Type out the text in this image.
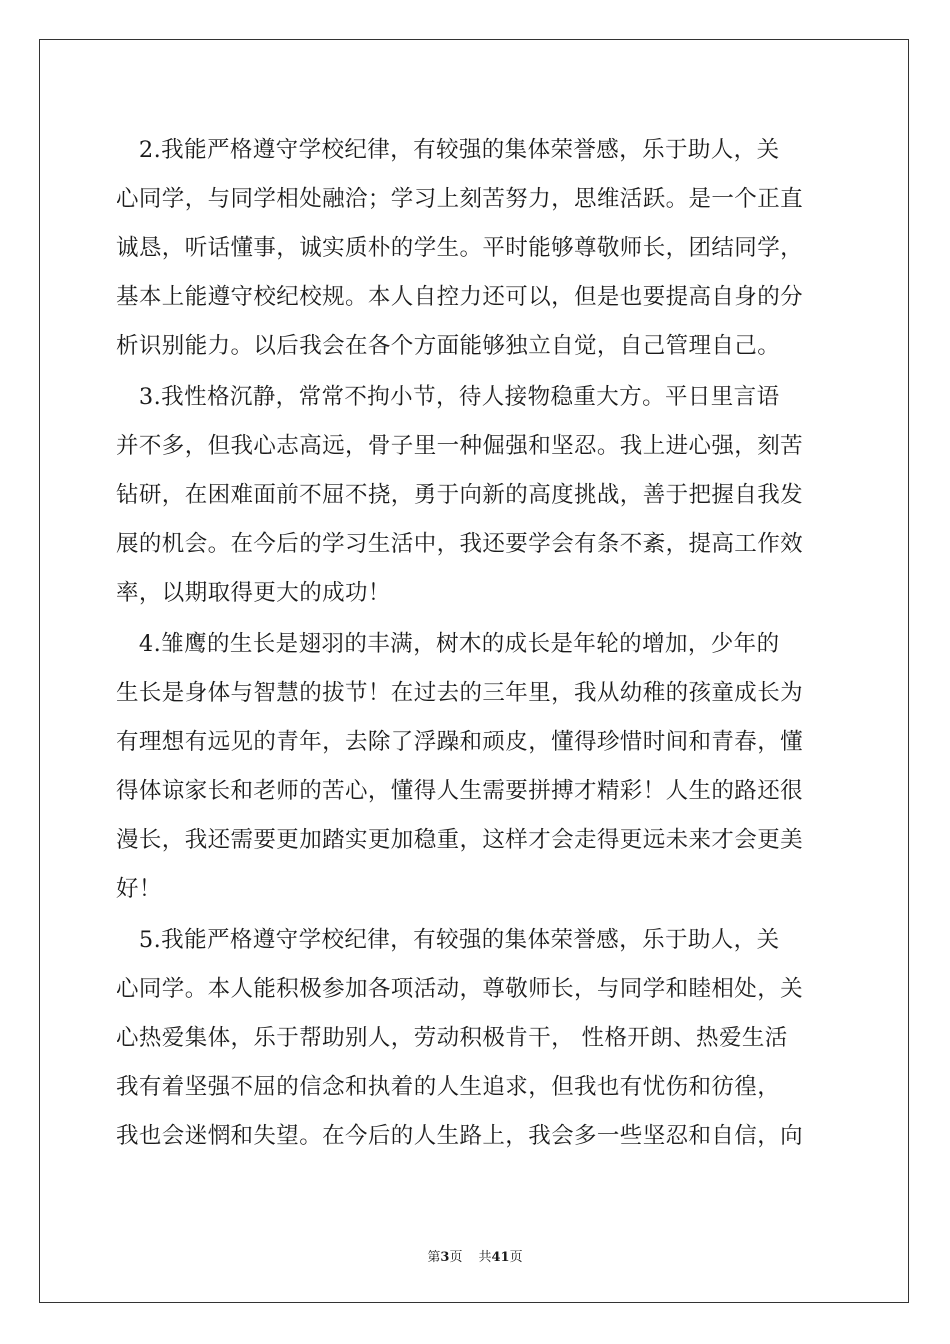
　2.我能严格遵守学校纪律，有较强的集体荣誉感，乐于助人，关
心同学，与同学相处融洽；学习上刻苦努力，思维活跃。是一个正直
诚恳，听话懂事，诚实质朴的学生。平时能够尊敬师长，团结同学，
基本上能遵守校纪校规。本人自控力还可以，但是也要提高自身的分
析识别能力。以后我会在各个方面能够独立自觉，自己管理自己。
　3.我性格沉静，常常不拘小节，待人接物稳重大方。平日里言语
并不多，但我心志高远，骨子里一种倔强和坚忍。我上进心强，刻苦
钻研，在困难面前不屈不挠，勇于向新的高度挑战，善于把握自我发
展的机会。在今后的学习生活中，我还要学会有条不紊，提高工作效
率，以期取得更大的成功！
　4.雏鹰的生长是翅羽的丰满，树木的成长是年轮的增加，少年的
生长是身体与智慧的拔节！在过去的三年里，我从幼稚的孩童成长为
有理想有远见的青年，去除了浮躁和顽皮，懂得珍惜时间和青春，懂
得体谅家长和老师的苦心，懂得人生需要拼搏才精彩！人生的路还很
漫长，我还需要更加踏实更加稳重，这样才会走得更远未来才会更美
好！
　5.我能严格遵守学校纪律，有较强的集体荣誉感，乐于助人，关
心同学。本人能积极参加各项活动，尊敬师长，与同学和睦相处，关
心热爱集体，乐于帮助别人，劳动积极肯干， 性格开朗、热爱生活
我有着坚强不屈的信念和执着的人生追求，但我也有忧伤和彷徨，
我也会迷惘和失望。在今后的人生路上，我会多一些坚忍和自信，向
第3页 共41页
